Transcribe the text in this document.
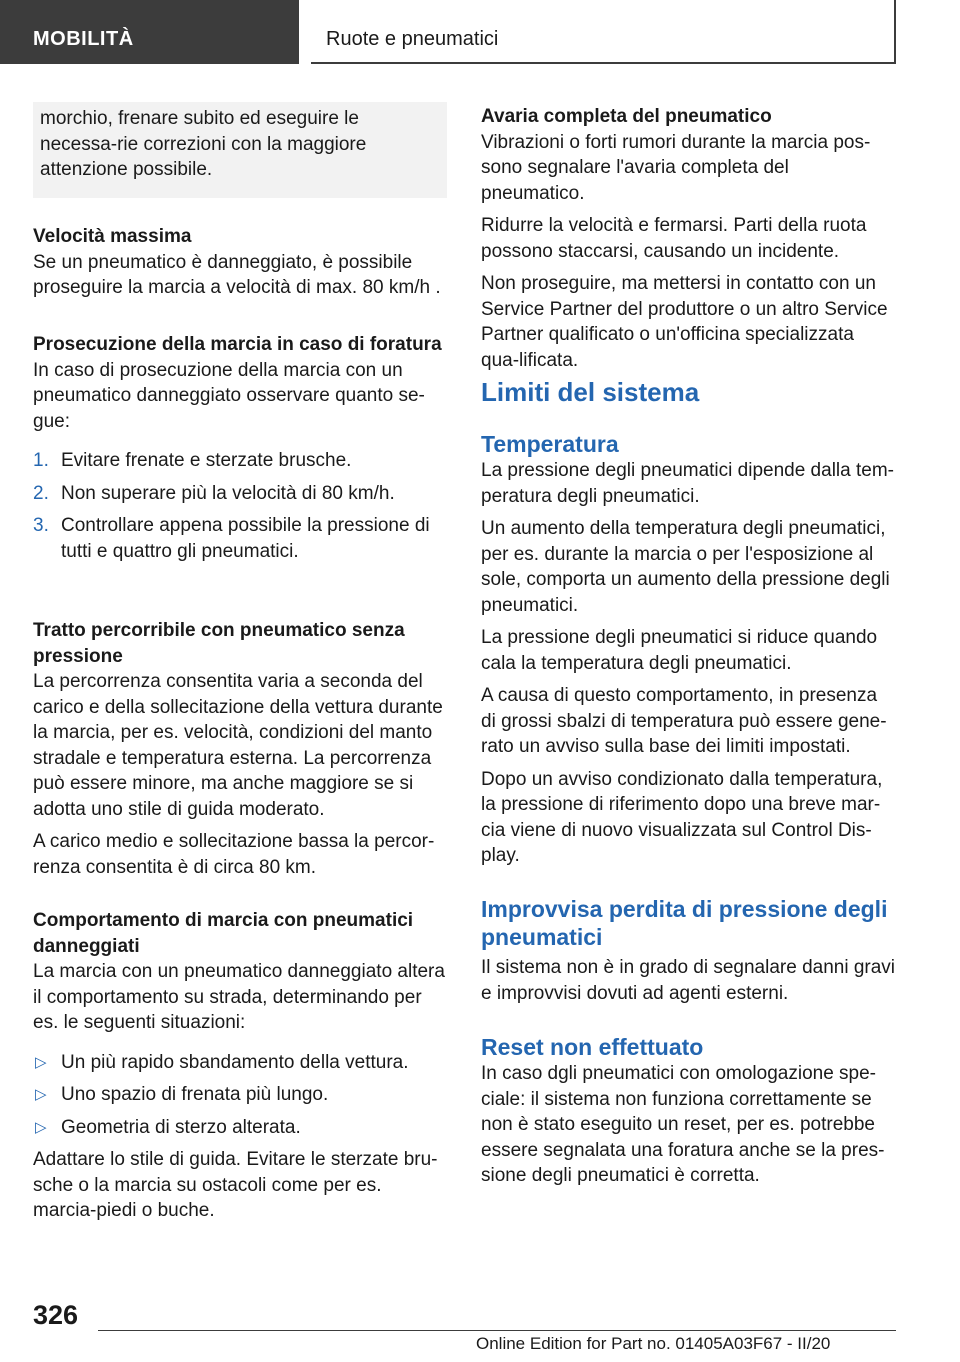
MOBILITÀ	Ruote e pneumatici

morchio, frenare subito ed eseguire le necessa-rie correzioni con la maggiore attenzione possibile.

Velocità massima

Se un pneumatico è danneggiato, è possibile proseguire la marcia a velocità di max. 80 km/h .

Prosecuzione della marcia in caso di foratura

In caso di prosecuzione della marcia con un pneumatico danneggiato osservare quanto se-gue:

1. Evitare frenate e sterzate brusche.
2. Non superare più la velocità di 80 km/h.
3. Controllare appena possibile la pressione di tutti e quattro gli pneumatici.
Tratto percorribile con pneumatico senza pressione

La percorrenza consentita varia a seconda del carico e della sollecitazione della vettura durante la marcia, per es. velocità, condizioni del manto stradale e temperatura esterna. La percorrenza può essere minore, ma anche maggiore se si adotta uno stile di guida moderato.

A carico medio e sollecitazione bassa la percor-renza consentita è di circa 80 km.

Comportamento di marcia con pneumatici danneggiati

La marcia con un pneumatico danneggiato altera il comportamento su strada, determinando per es. le seguenti situazioni:

▷ Un più rapido sbandamento della vettura.
▷ Uno spazio di frenata più lungo.
▷ Geometria di sterzo alterata.

Adattare lo stile di guida. Evitare le sterzate bru-sche o la marcia su ostacoli come per es. marcia-piedi o buche.

Avaria completa del pneumatico

Vibrazioni o forti rumori durante la marcia pos-sono segnalare l'avaria completa del pneumatico.

Ridurre la velocità e fermarsi. Parti della ruota possono staccarsi, causando un incidente.

Non proseguire, ma mettersi in contatto con un Service Partner del produttore o un altro Service Partner qualificato o un'officina specializzata qua-lificata.

Limiti del sistema
Temperatura

La pressione degli pneumatici dipende dalla tem-peratura degli pneumatici.

Un aumento della temperatura degli pneumatici, per es. durante la marcia o per l'esposizione al sole, comporta un aumento della pressione degli pneumatici.

La pressione degli pneumatici si riduce quando cala la temperatura degli pneumatici.

A causa di questo comportamento, in presenza di grossi sbalzi di temperatura può essere gene-rato un avviso sulla base dei limiti impostati.

Dopo un avviso condizionato dalla temperatura, la pressione di riferimento dopo una breve mar-cia viene di nuovo visualizzata sul Control Dis-play.

Improvvisa perdita di pressione degli pneumatici

Il sistema non è in grado di segnalare danni gravi e improvvisi dovuti ad agenti esterni.

Reset non effettuato

In caso dgli pneumatici con omologazione spe-ciale: il sistema non funziona correttamente se non è stato eseguito un reset, per es. potrebbe essere segnalata una foratura anche se la pres-sione degli pneumatici è corretta.

326
Online Edition for Part no. 01405A03F67 - II/20
